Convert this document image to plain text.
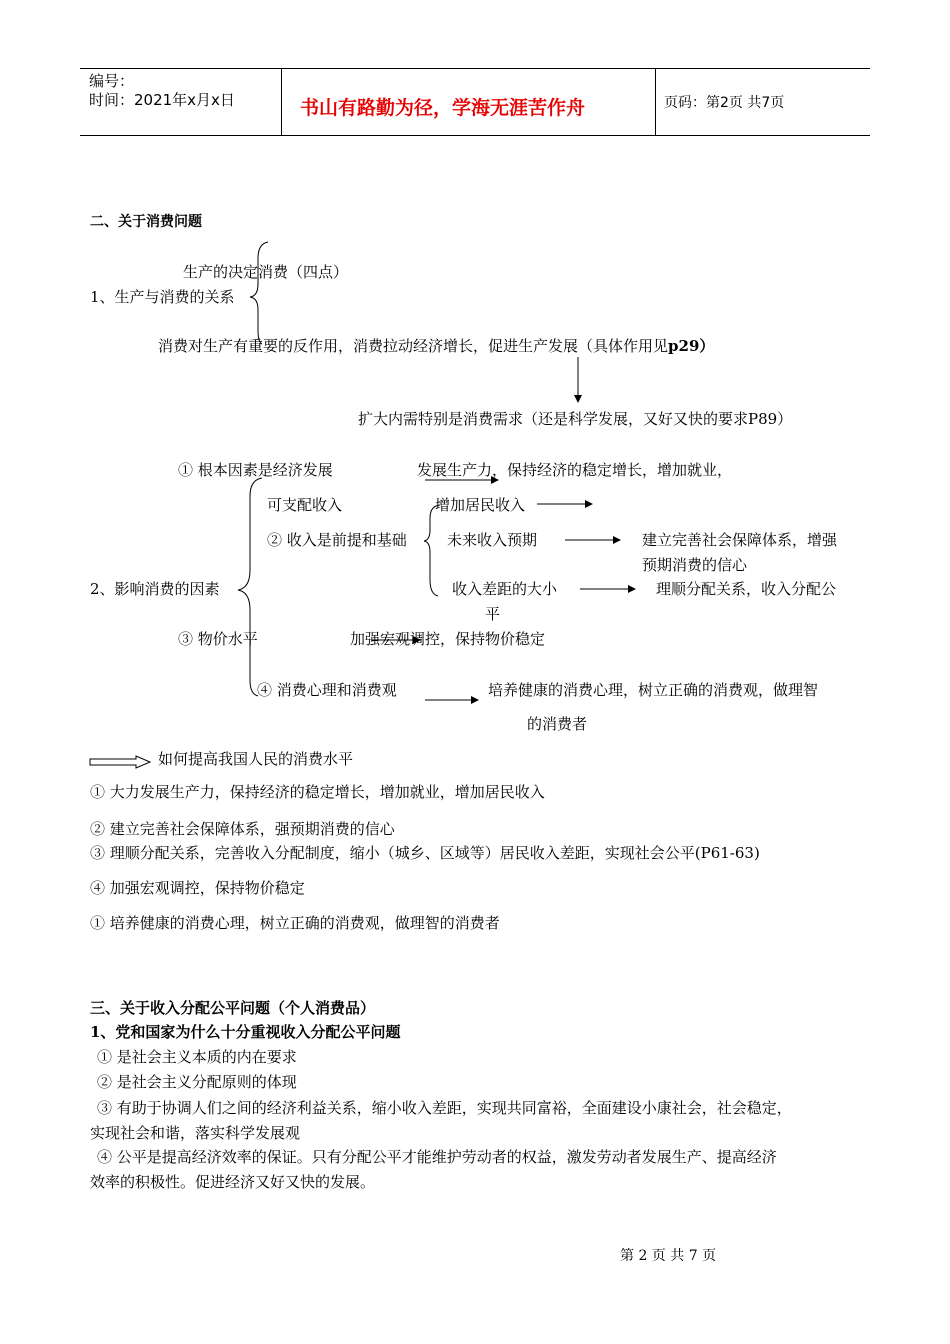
编号：
时间：2021年x月x日	书山有路勤为径，学海无涯苦作舟	页码：第2页 共7页
二、关于消费问题
生产的决定消费（四点）
1、生产与消费的关系
消费对生产有重要的反作用，消费拉动经济增长，促进生产发展（具体作用见p29）
扩大内需特别是消费需求（还是科学发展，又好又快的要求P89）
① 根本因素是经济发展	发展生产力，保持经济的稳定增长，增加就业，
可支配收入	增加居民收入
② 收入是前提和基础	未来收入预期	建立完善社会保障体系，增强
预期消费的信心
2、影响消费的因素	收入差距的大小
平
理顺分配关系，收入分配公
③ 物价水平	加强宏观调控，保持物价稳定
④ 消费心理和消费观	培养健康的消费心理，树立正确的消费观，做理智
的消费者
如何提高我国人民的消费水平
① 大力发展生产力，保持经济的稳定增长，增加就业，增加居民收入
② 建立完善社会保障体系，强预期消费的信心
③ 理顺分配关系，完善收入分配制度，缩小（城乡、区域等）居民收入差距，实现社会公平(P61-63)
④ 加强宏观调控，保持物价稳定
① 培养健康的消费心理，树立正确的消费观，做理智的消费者
三、关于收入分配公平问题（个人消费品）
1、党和国家为什么十分重视收入分配公平问题
① 是社会主义本质的内在要求
② 是社会主义分配原则的体现
③ 有助于协调人们之间的经济利益关系，缩小收入差距，实现共同富裕，全面建设小康社会，社会稳定，
实现社会和谐，落实科学发展观
④ 公平是提高经济效率的保证。只有分配公平才能维护劳动者的权益，激发劳动者发展生产、提高经济
效率的积极性。促进经济又好又快的发展。
第 2 页 共 7 页
